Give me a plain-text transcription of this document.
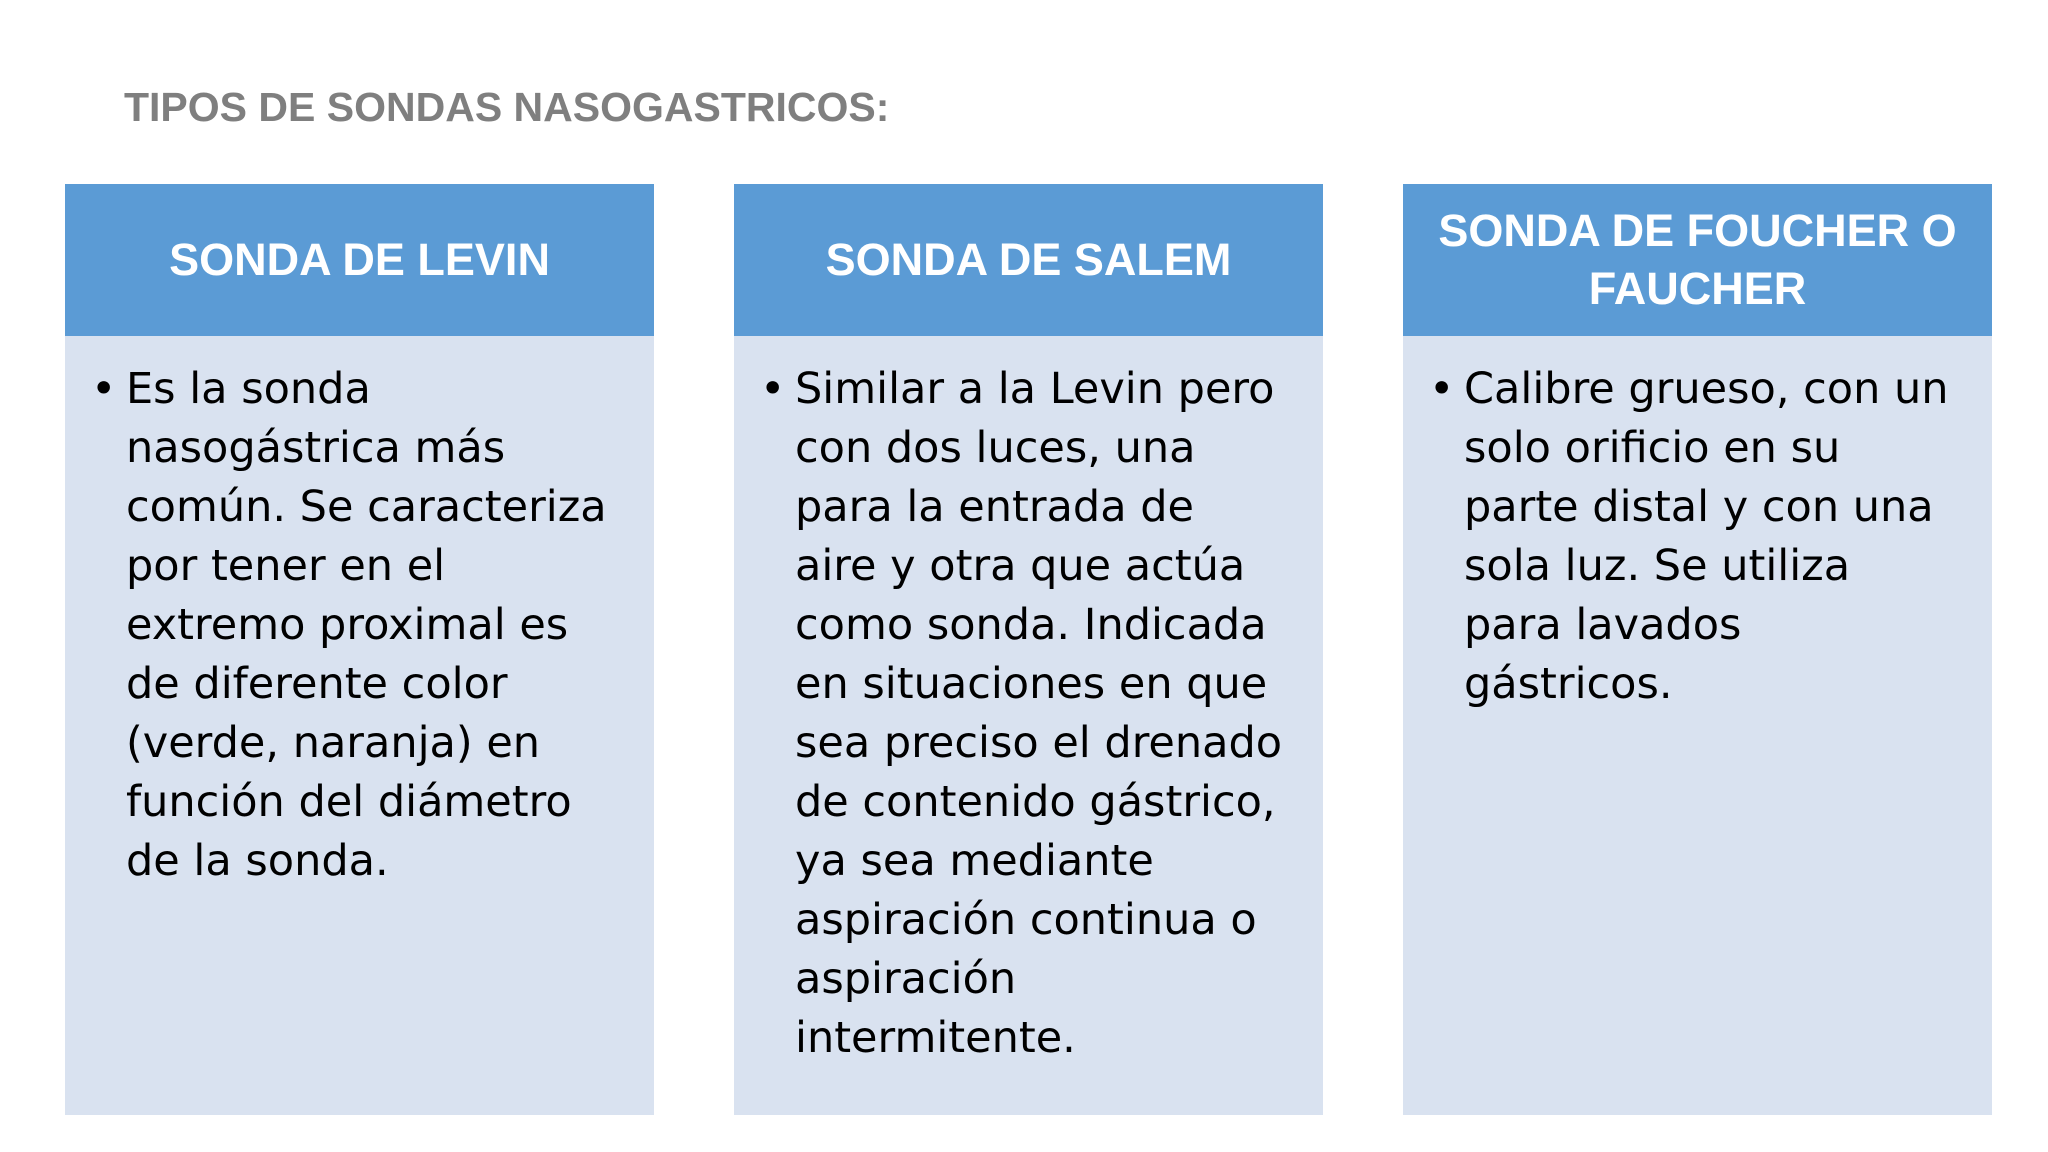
TIPOS DE SONDAS NASOGASTRICOS:
SONDA DE LEVIN
• Es la sonda nasogástrica más común. Se caracteriza por tener en el extremo proximal es de diferente color (verde, naranja) en función del diámetro de la sonda.
SONDA DE SALEM
• Similar a la Levin pero con dos luces, una para la entrada de aire y otra que actúa como sonda. Indicada en situaciones en que sea preciso el drenado de contenido gástrico, ya sea mediante aspiración continua o aspiración intermitente.
SONDA DE FOUCHER O FAUCHER
• Calibre grueso, con un solo orificio en su parte distal y con una sola luz. Se utiliza para lavados gástricos.
